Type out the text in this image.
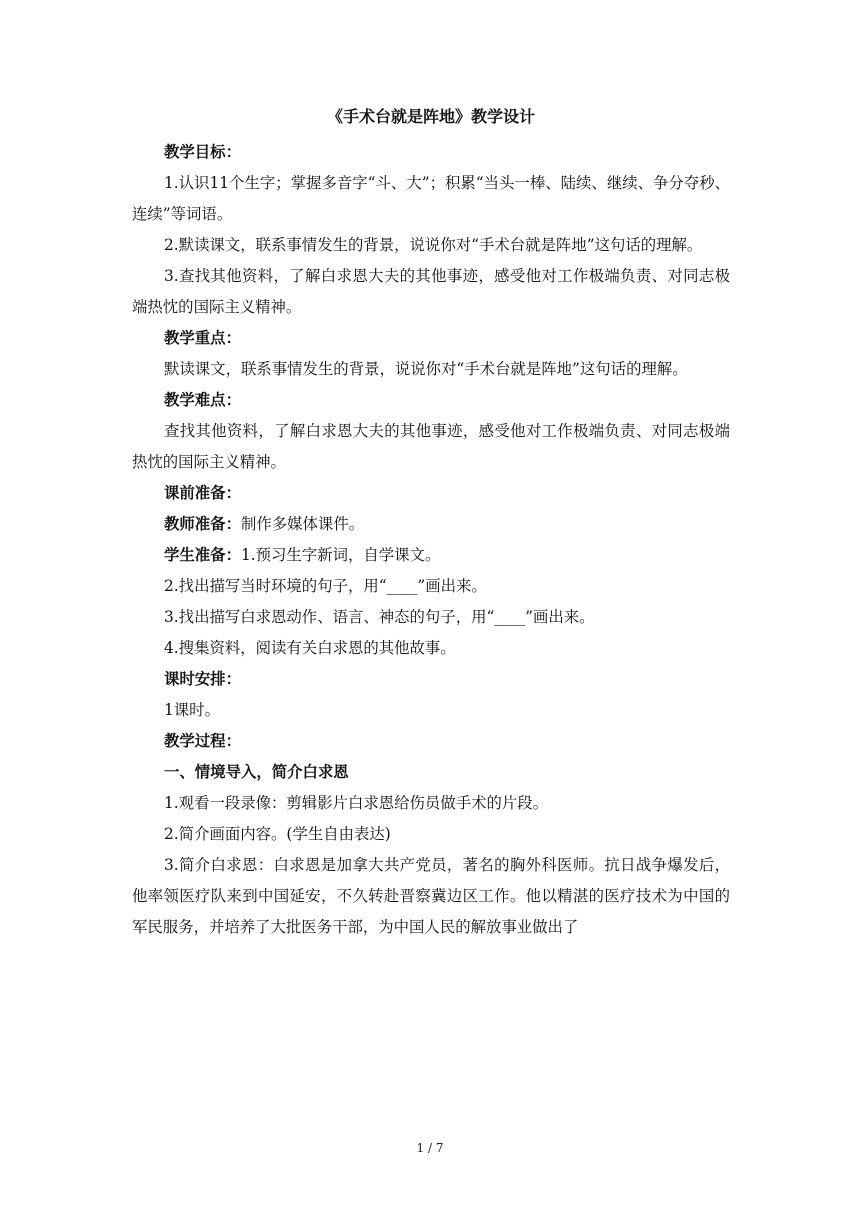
《手术台就是阵地》教学设计

教学目标：

1.认识11个生字；掌握多音字“斗、大”；积累“当头一棒、陆续、继续、争分夺秒、连续”等词语。

2.默读课文，联系事情发生的背景，说说你对“手术台就是阵地”这句话的理解。

3.查找其他资料，了解白求恩大夫的其他事迹，感受他对工作极端负责、对同志极端热忱的国际主义精神。

教学重点：

默读课文，联系事情发生的背景，说说你对“手术台就是阵地”这句话的理解。

教学难点：

查找其他资料，了解白求恩大夫的其他事迹，感受他对工作极端负责、对同志极端热忱的国际主义精神。

课前准备：

教师准备：制作多媒体课件。

学生准备：1.预习生字新词，自学课文。

2.找出描写当时环境的句子，用“____”画出来。

3.找出描写白求恩动作、语言、神态的句子，用“____”画出来。

4.搜集资料，阅读有关白求恩的其他故事。

课时安排：

1课时。

教学过程：

一、情境导入，简介白求恩

1.观看一段录像：剪辑影片白求恩给伤员做手术的片段。

2.简介画面内容。(学生自由表达)

3.简介白求恩：白求恩是加拿大共产党员，著名的胸外科医师。抗日战争爆发后，他率领医疗队来到中国延安，不久转赴晋察冀边区工作。他以精湛的医疗技术为中国的军民服务，并培养了大批医务干部，为中国人民的解放事业做出了

1 / 7
